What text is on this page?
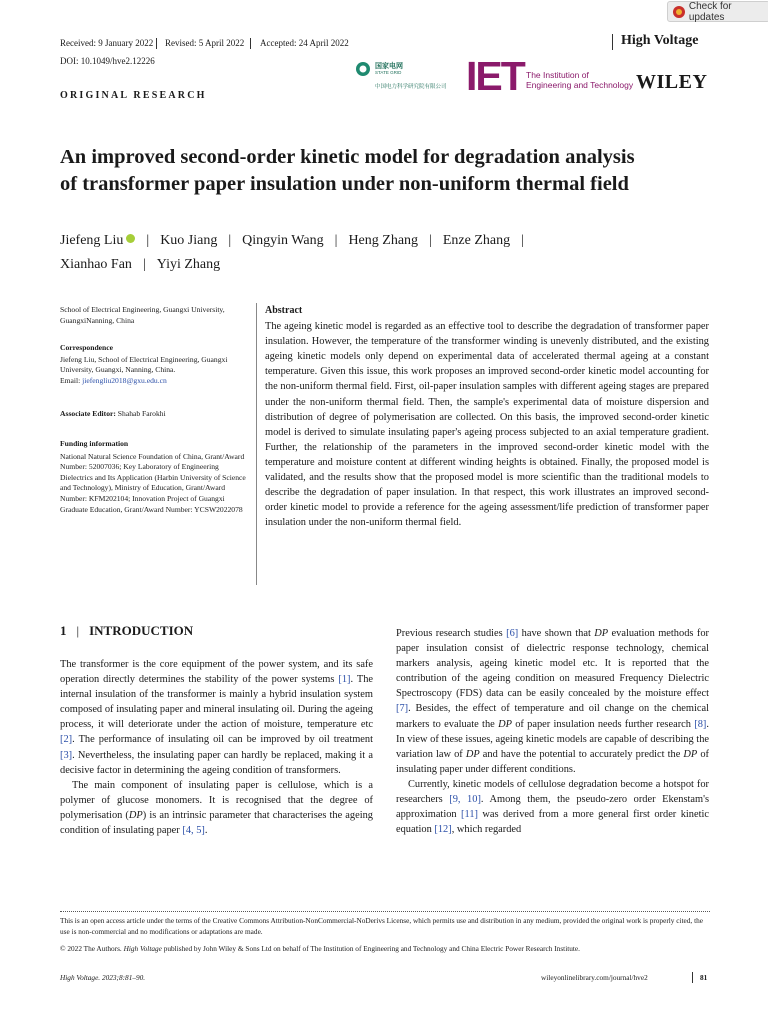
Check for updates
Received: 9 January 2022 Revised: 5 April 2022 Accepted: 24 April 2022	High Voltage
DOI: 10.1049/hve2.12226
ORIGINAL RESEARCH
国家电网
STATE GRID
中国电力科学研究院有限公司 IET The Institution of
Engineering and Technology WILEY
An improved second-order kinetic model for degradation analysis
of transformer paper insulation under non-uniform thermal field
Jiefeng Liu | Kuo Jiang | Qingyin Wang | Heng Zhang | Enze Zhang |
Xianhao Fan | Yiyi Zhang
School of Electrical Engineering, Guangxi University, GuangxiNanning, China
Correspondence
Jiefeng Liu, School of Electrical Engineering, Guangxi University, Guangxi, Nanning, China.
Email: jiefengliu2018@gxu.edu.cn
Associate Editor: Shahab Farokhi
Funding information
National Natural Science Foundation of China, Grant/Award Number: 52007036; Key Laboratory of Engineering Dielectrics and Its Application (Harbin University of Science and Technology), Ministry of Education, Grant/Award Number: KFM202104; Innovation Project of Guangxi Graduate Education, Grant/Award Number: YCSW2022078
Abstract
The ageing kinetic model is regarded as an effective tool to describe the degradation of transformer paper insulation. However, the temperature of the transformer winding is unevenly distributed, and the existing ageing kinetic models only depend on experimental data of accelerated thermal ageing at a constant temperature. Given this issue, this work proposes an improved second-order kinetic model accounting for the non-uniform thermal field. First, oil-paper insulation samples with different ageing stages are prepared under the non-uniform thermal field. Then, the sample's experimental data of moisture dispersion and distribution of degree of polymerisation are collected. On this basis, the improved second-order kinetic model is derived to simulate insulating paper's ageing process subjected to an axial temperature gradient. Further, the relationship of the parameters in the improved second-order kinetic model with the temperature and moisture content at different winding heights is obtained. Finally, the proposed model is validated, and the results show that the proposed model is more scientific than the traditional models to describe the degradation of paper insulation. In that respect, this work illustrates an improved second-order kinetic model to provide a reference for the ageing assessment/life prediction of transformer paper insulation under the non-uniform thermal field.
1 | INTRODUCTION

The transformer is the core equipment of the power system, and its safe operation directly determines the stability of the power systems [1]. The internal insulation of the transformer is mainly a hybrid insulation system composed of insulating paper and mineral insulating oil. During the ageing process, it will deteriorate under the action of moisture, temperature etc [2]. The performance of insulating oil can be improved by oil treatment [3]. Nevertheless, the insulating paper can hardly be replaced, making it a decisive factor in determining the ageing condition of transformers.

The main component of insulating paper is cellulose, which is a polymer of glucose monomers. It is recognised that the degree of polymerisation (DP) is an intrinsic parameter that characterises the ageing condition of insulating paper [4, 5].

Previous research studies [6] have shown that DP evaluation methods for paper insulation consist of dielectric response technology, chemical markers analysis, ageing kinetic model etc. It is reported that the contribution of the ageing condition on measured Frequency Dielectric Spectroscopy (FDS) data can be easily concealed by the moisture effect [7]. Besides, the effect of temperature and oil change on the chemical markers to evaluate the DP of paper insulation needs further research [8]. In view of these issues, ageing kinetic models are capable of describing the variation law of DP and have the potential to accurately predict the DP of insulating paper under different conditions.

Currently, kinetic models of cellulose degradation become a hotspot for researchers [9, 10]. Among them, the pseudo-zero order Ekenstam's approximation [11] was derived from a more general first order kinetic equation [12], which regarded

This is an open access article under the terms of the Creative Commons Attribution-NonCommercial-NoDerivs License, which permits use and distribution in any medium, provided the original work is properly cited, the use is non-commercial and no modifications or adaptations are made.
© 2022 The Authors. High Voltage published by John Wiley & Sons Ltd on behalf of The Institution of Engineering and Technology and China Electric Power Research Institute.
High Voltage. 2023;8:81–90.	wileyonlinelibrary.com/journal/hve2	81
